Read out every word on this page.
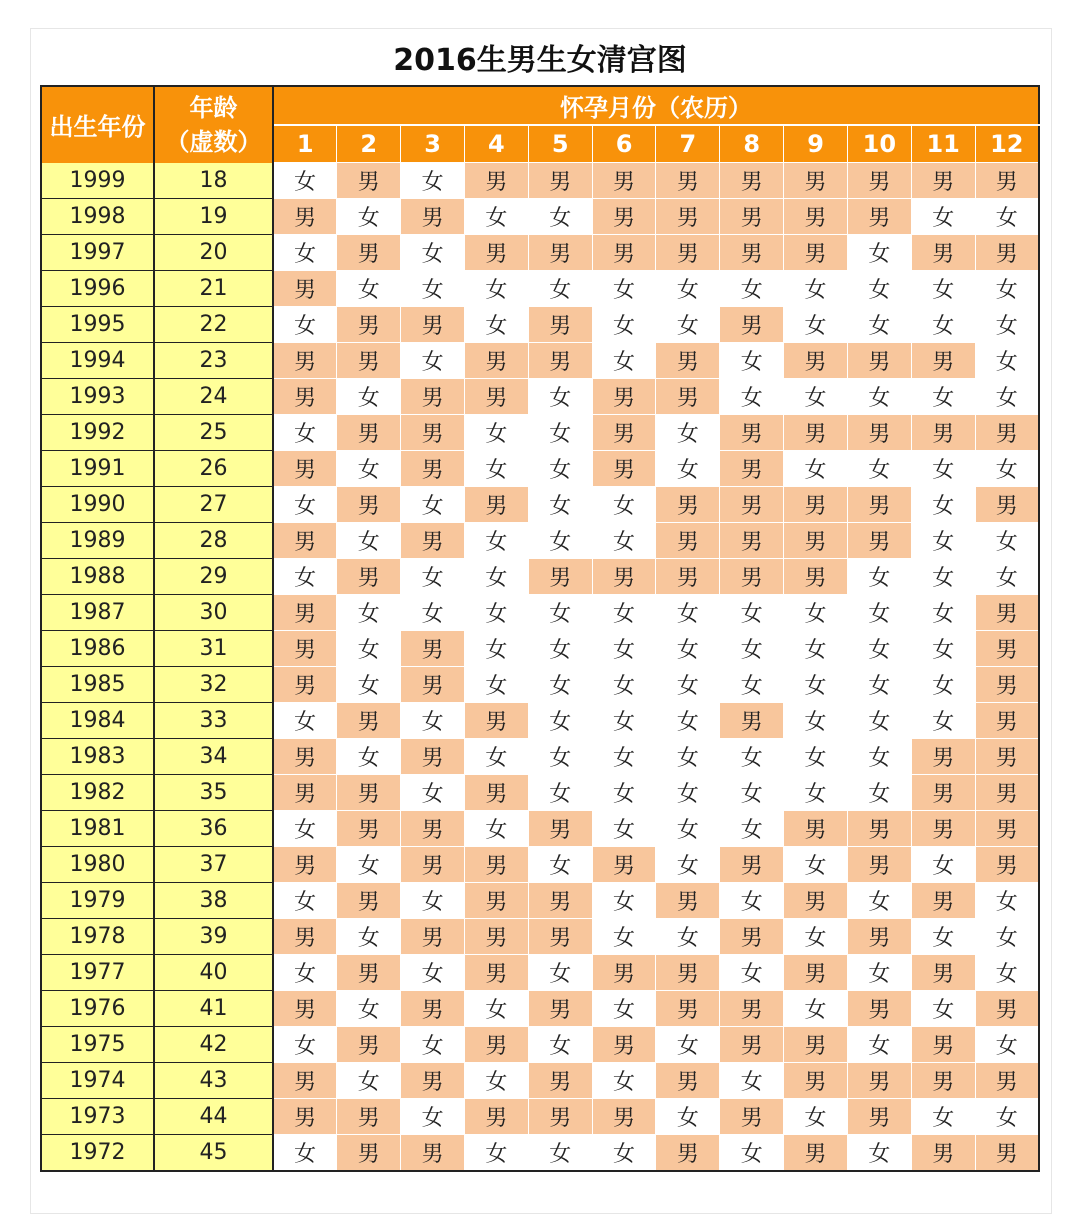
2016生男生女清宫图
出生年份	年龄
（虚数）	怀孕月份（农历）											
		1	2	3	4	5	6	7	8	9	10	11	12
1999	18	女	男	女	男	男	男	男	男	男	男	男	男
1998	19	男	女	男	女	女	男	男	男	男	男	女	女
1997	20	女	男	女	男	男	男	男	男	男	女	男	男
1996	21	男	女	女	女	女	女	女	女	女	女	女	女
1995	22	女	男	男	女	男	女	女	男	女	女	女	女
1994	23	男	男	女	男	男	女	男	女	男	男	男	女
1993	24	男	女	男	男	女	男	男	女	女	女	女	女
1992	25	女	男	男	女	女	男	女	男	男	男	男	男
1991	26	男	女	男	女	女	男	女	男	女	女	女	女
1990	27	女	男	女	男	女	女	男	男	男	男	女	男
1989	28	男	女	男	女	女	女	男	男	男	男	女	女
1988	29	女	男	女	女	男	男	男	男	男	女	女	女
1987	30	男	女	女	女	女	女	女	女	女	女	女	男
1986	31	男	女	男	女	女	女	女	女	女	女	女	男
1985	32	男	女	男	女	女	女	女	女	女	女	女	男
1984	33	女	男	女	男	女	女	女	男	女	女	女	男
1983	34	男	女	男	女	女	女	女	女	女	女	男	男
1982	35	男	男	女	男	女	女	女	女	女	女	男	男
1981	36	女	男	男	女	男	女	女	女	男	男	男	男
1980	37	男	女	男	男	女	男	女	男	女	男	女	男
1979	38	女	男	女	男	男	女	男	女	男	女	男	女
1978	39	男	女	男	男	男	女	女	男	女	男	女	女
1977	40	女	男	女	男	女	男	男	女	男	女	男	女
1976	41	男	女	男	女	男	女	男	男	女	男	女	男
1975	42	女	男	女	男	女	男	女	男	男	女	男	女
1974	43	男	女	男	女	男	女	男	女	男	男	男	男
1973	44	男	男	女	男	男	男	女	男	女	男	女	女
1972	45	女	男	男	女	女	女	男	女	男	女	男	男
